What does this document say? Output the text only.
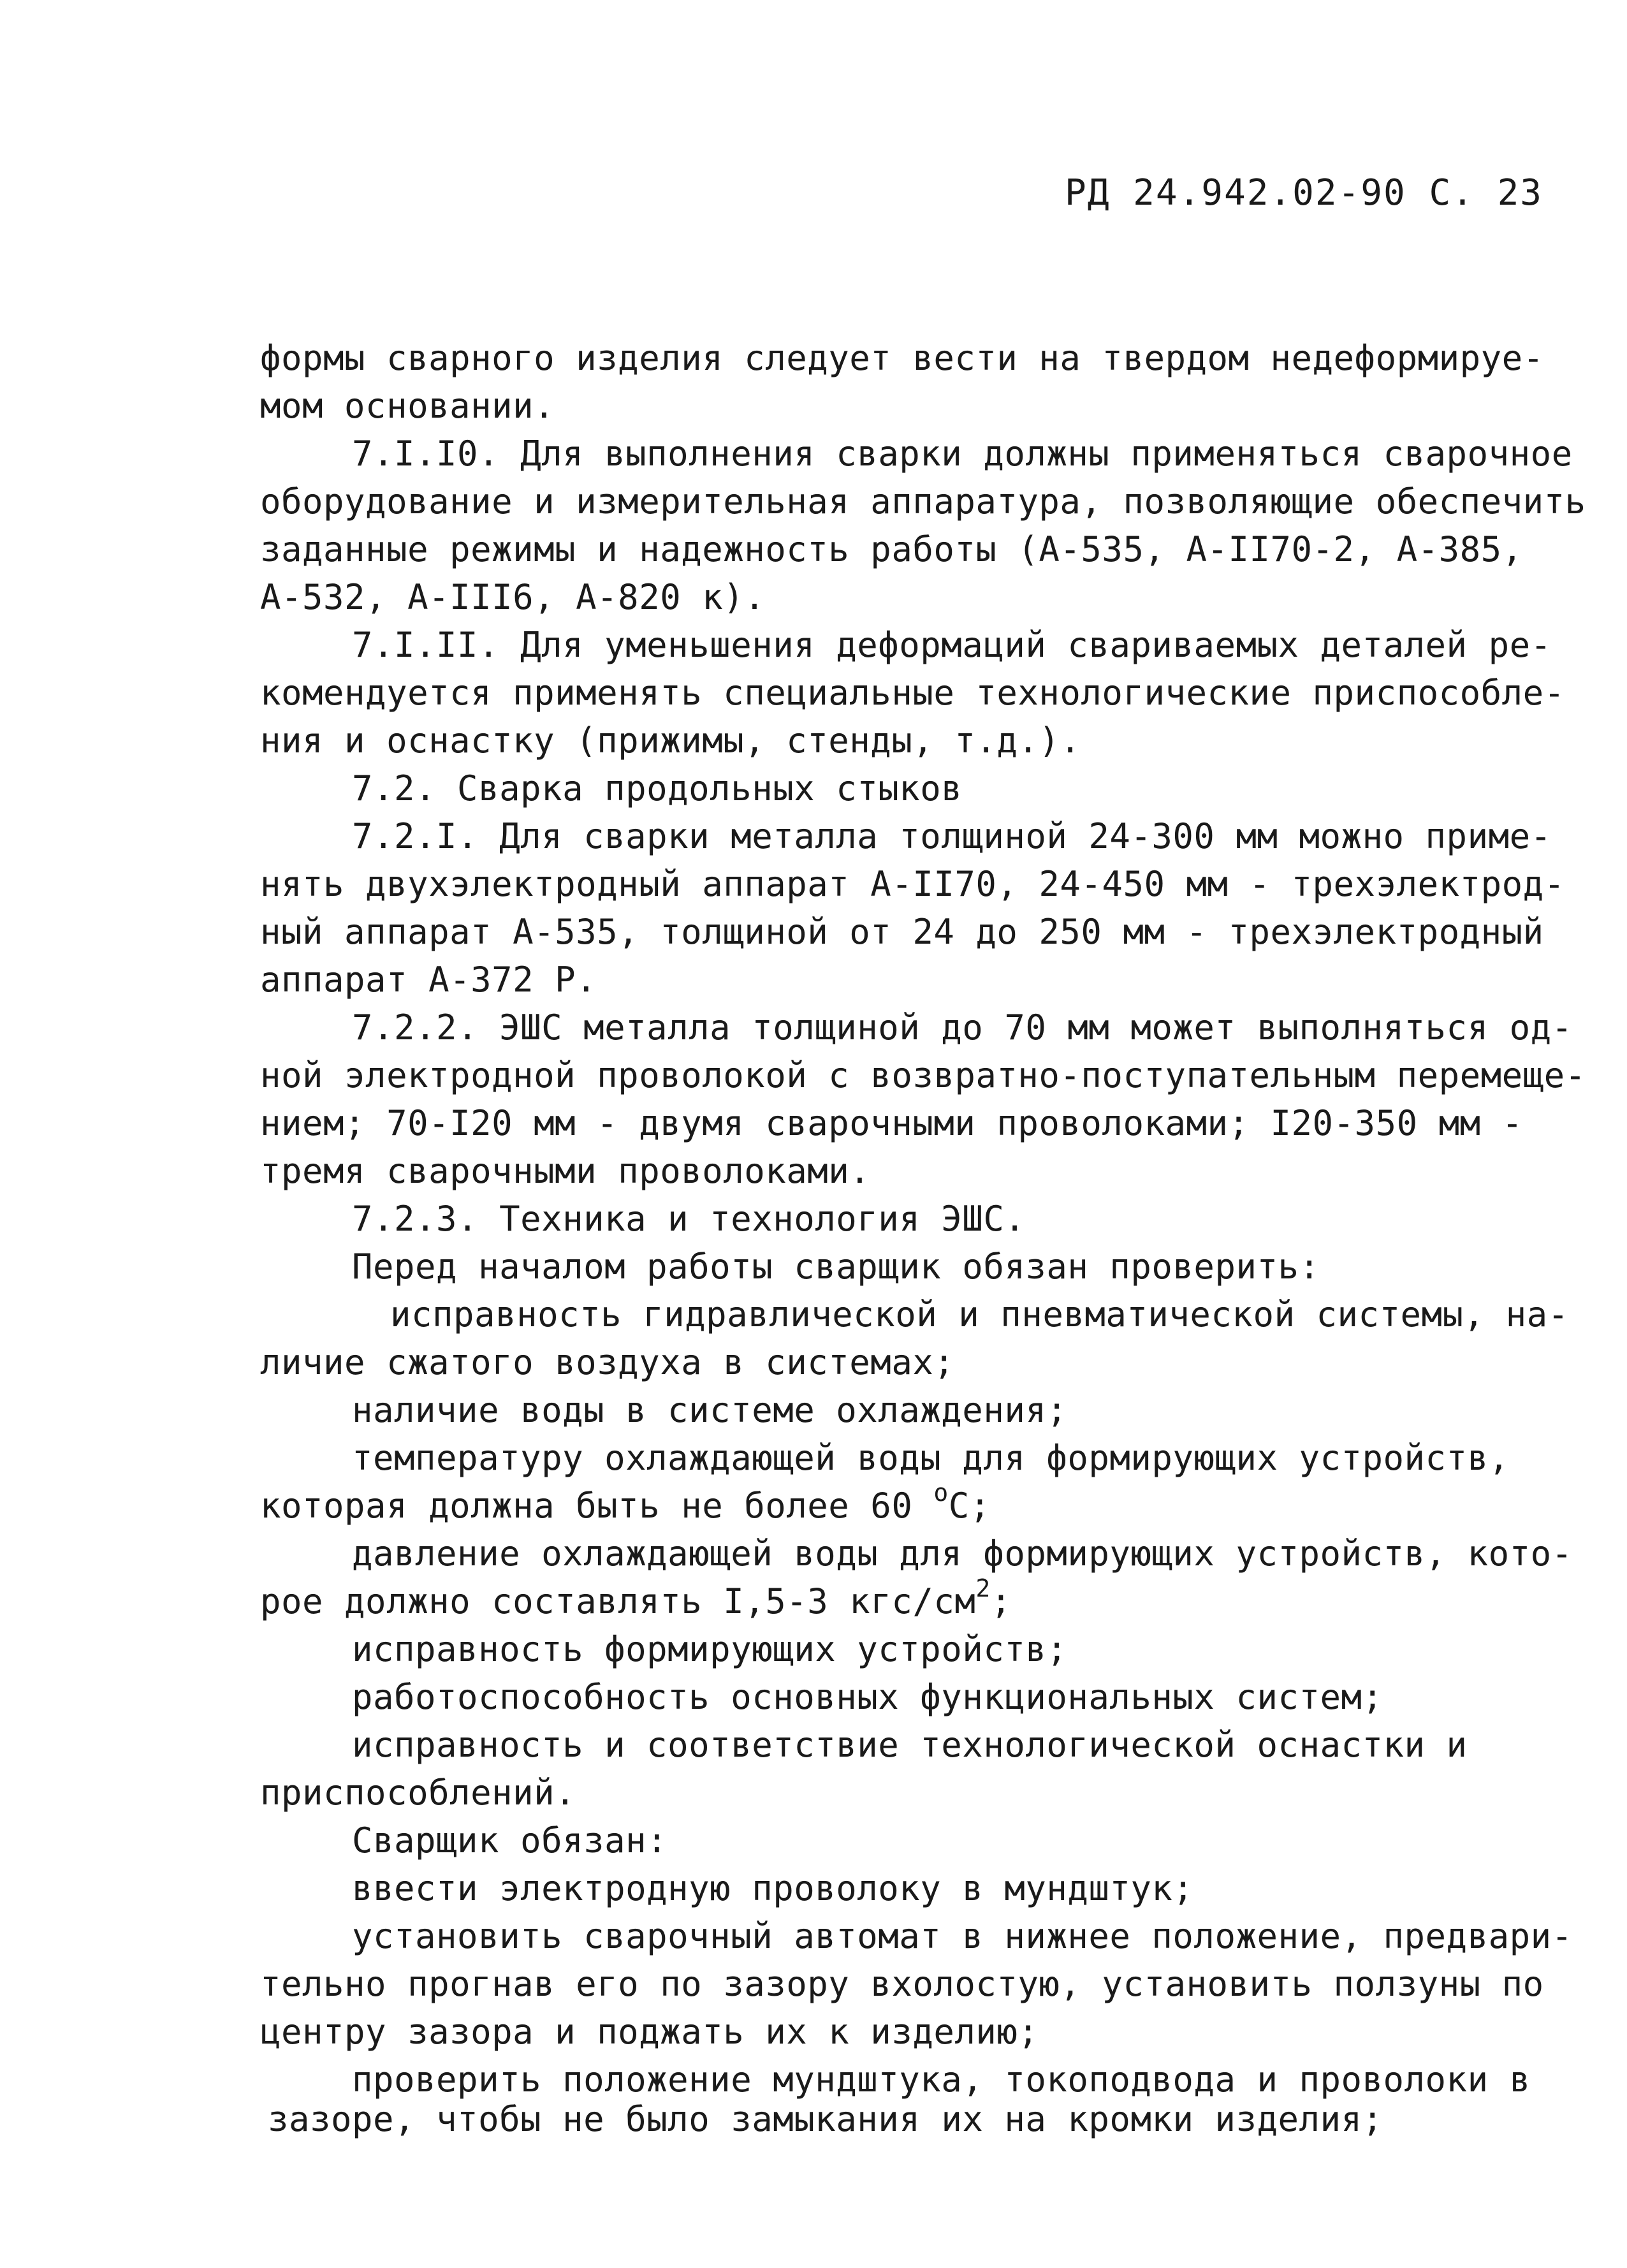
РД 24.942.02-90 С. 23
формы сварного изделия следует вести на твердом недеформируе-
мом основании.
7.I.I0. Для выполнения сварки должны применяться сварочное
оборудование и измерительная аппаратура, позволяющие обеспечить
заданные режимы и надежность работы (А-535, А-II70-2, А-385,
А-532, А-III6, А-820 к).
7.I.II. Для уменьшения деформаций свариваемых деталей ре-
комендуется применять специальные технологические приспособле-
ния и оснастку (прижимы, стенды, т.д.).
7.2. Сварка продольных стыков
7.2.I. Для сварки металла толщиной 24-300 мм можно приме-
нять двухэлектродный аппарат А-II70, 24-450 мм - трехэлектрод-
ный аппарат А-535, толщиной от 24 до 250 мм - трехэлектродный
аппарат А-372 Р.
7.2.2. ЭШС металла толщиной до 70 мм может выполняться од-
ной электродной проволокой с возвратно-поступательным перемеще-
нием; 70-I20 мм - двумя сварочными проволоками; I20-350 мм -
тремя сварочными проволоками.
7.2.3. Техника и технология ЭШС.
Перед началом работы сварщик обязан проверить:
исправность гидравлической и пневматической системы, на-
личие сжатого воздуха в системах;
наличие воды в системе охлаждения;
температуру охлаждающей воды для формирующих устройств,
которая должна быть не более 60 $^o$C;
давление охлаждающей воды для формирующих устройств, кото-
рое должно составлять I,5-3 кгс/$см^2$;
исправность формирующих устройств;
работоспособность основных функциональных систем;
исправность и соответствие технологической оснастки и
приспособлений.
Сварщик обязан:
ввести электродную проволоку в мундштук;
установить сварочный автомат в нижнее положение, предвари-
тельно прогнав его по зазору вхолостую, установить ползуны по
центру зазора и поджать их к изделию;
проверить положение мундштука, токоподвода и проволоки в
зазоре, чтобы не было замыкания их на кромки изделия;
